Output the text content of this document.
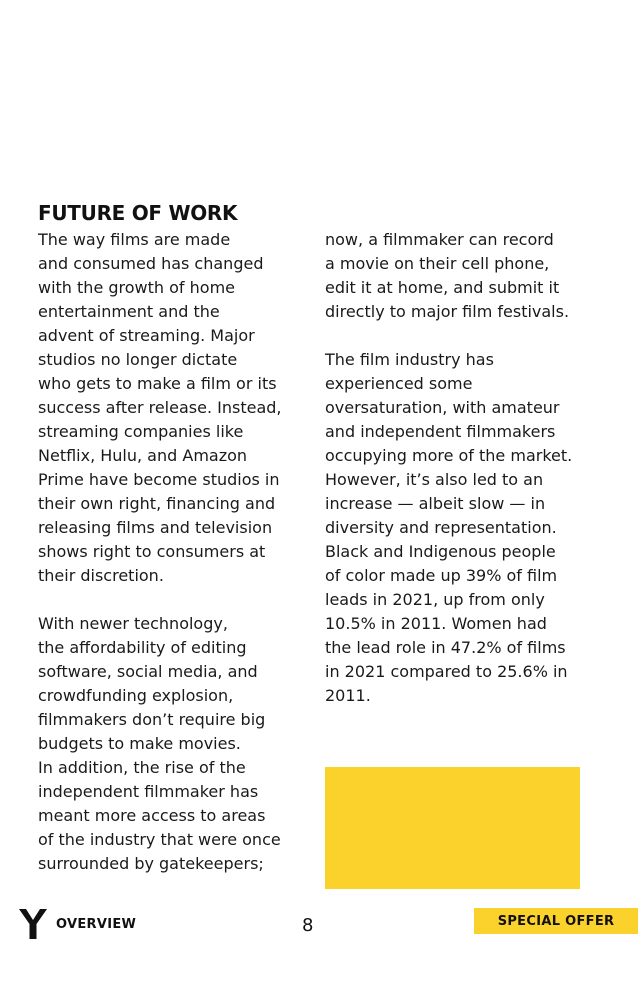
FUTURE OF WORK

The way films are made
and consumed has changed
with the growth of home
entertainment and the
advent of streaming. Major
studios no longer dictate
who gets to make a film or its
success after release. Instead,
streaming companies like
Netflix, Hulu, and Amazon
Prime have become studios in
their own right, financing and
releasing films and television
shows right to consumers at
their discretion.

With newer technology,
the affordability of editing
software, social media, and
crowdfunding explosion,
filmmakers don’t require big
budgets to make movies.
In addition, the rise of the
independent filmmaker has
meant more access to areas
of the industry that were once
surrounded by gatekeepers;

now, a filmmaker can record
a movie on their cell phone,
edit it at home, and submit it
directly to major film festivals.

The film industry has
experienced some
oversaturation, with amateur
and independent filmmakers
occupying more of the market.
However, it’s also led to an
increase — albeit slow — in
diversity and representation.
Black and Indigenous people
of color made up 39% of film
leads in 2021, up from only
10.5% in 2011. Women had
the lead role in 47.2% of films
in 2021 compared to 25.6% in
2011.

OVERVIEW	8	SPECIAL OFFER
